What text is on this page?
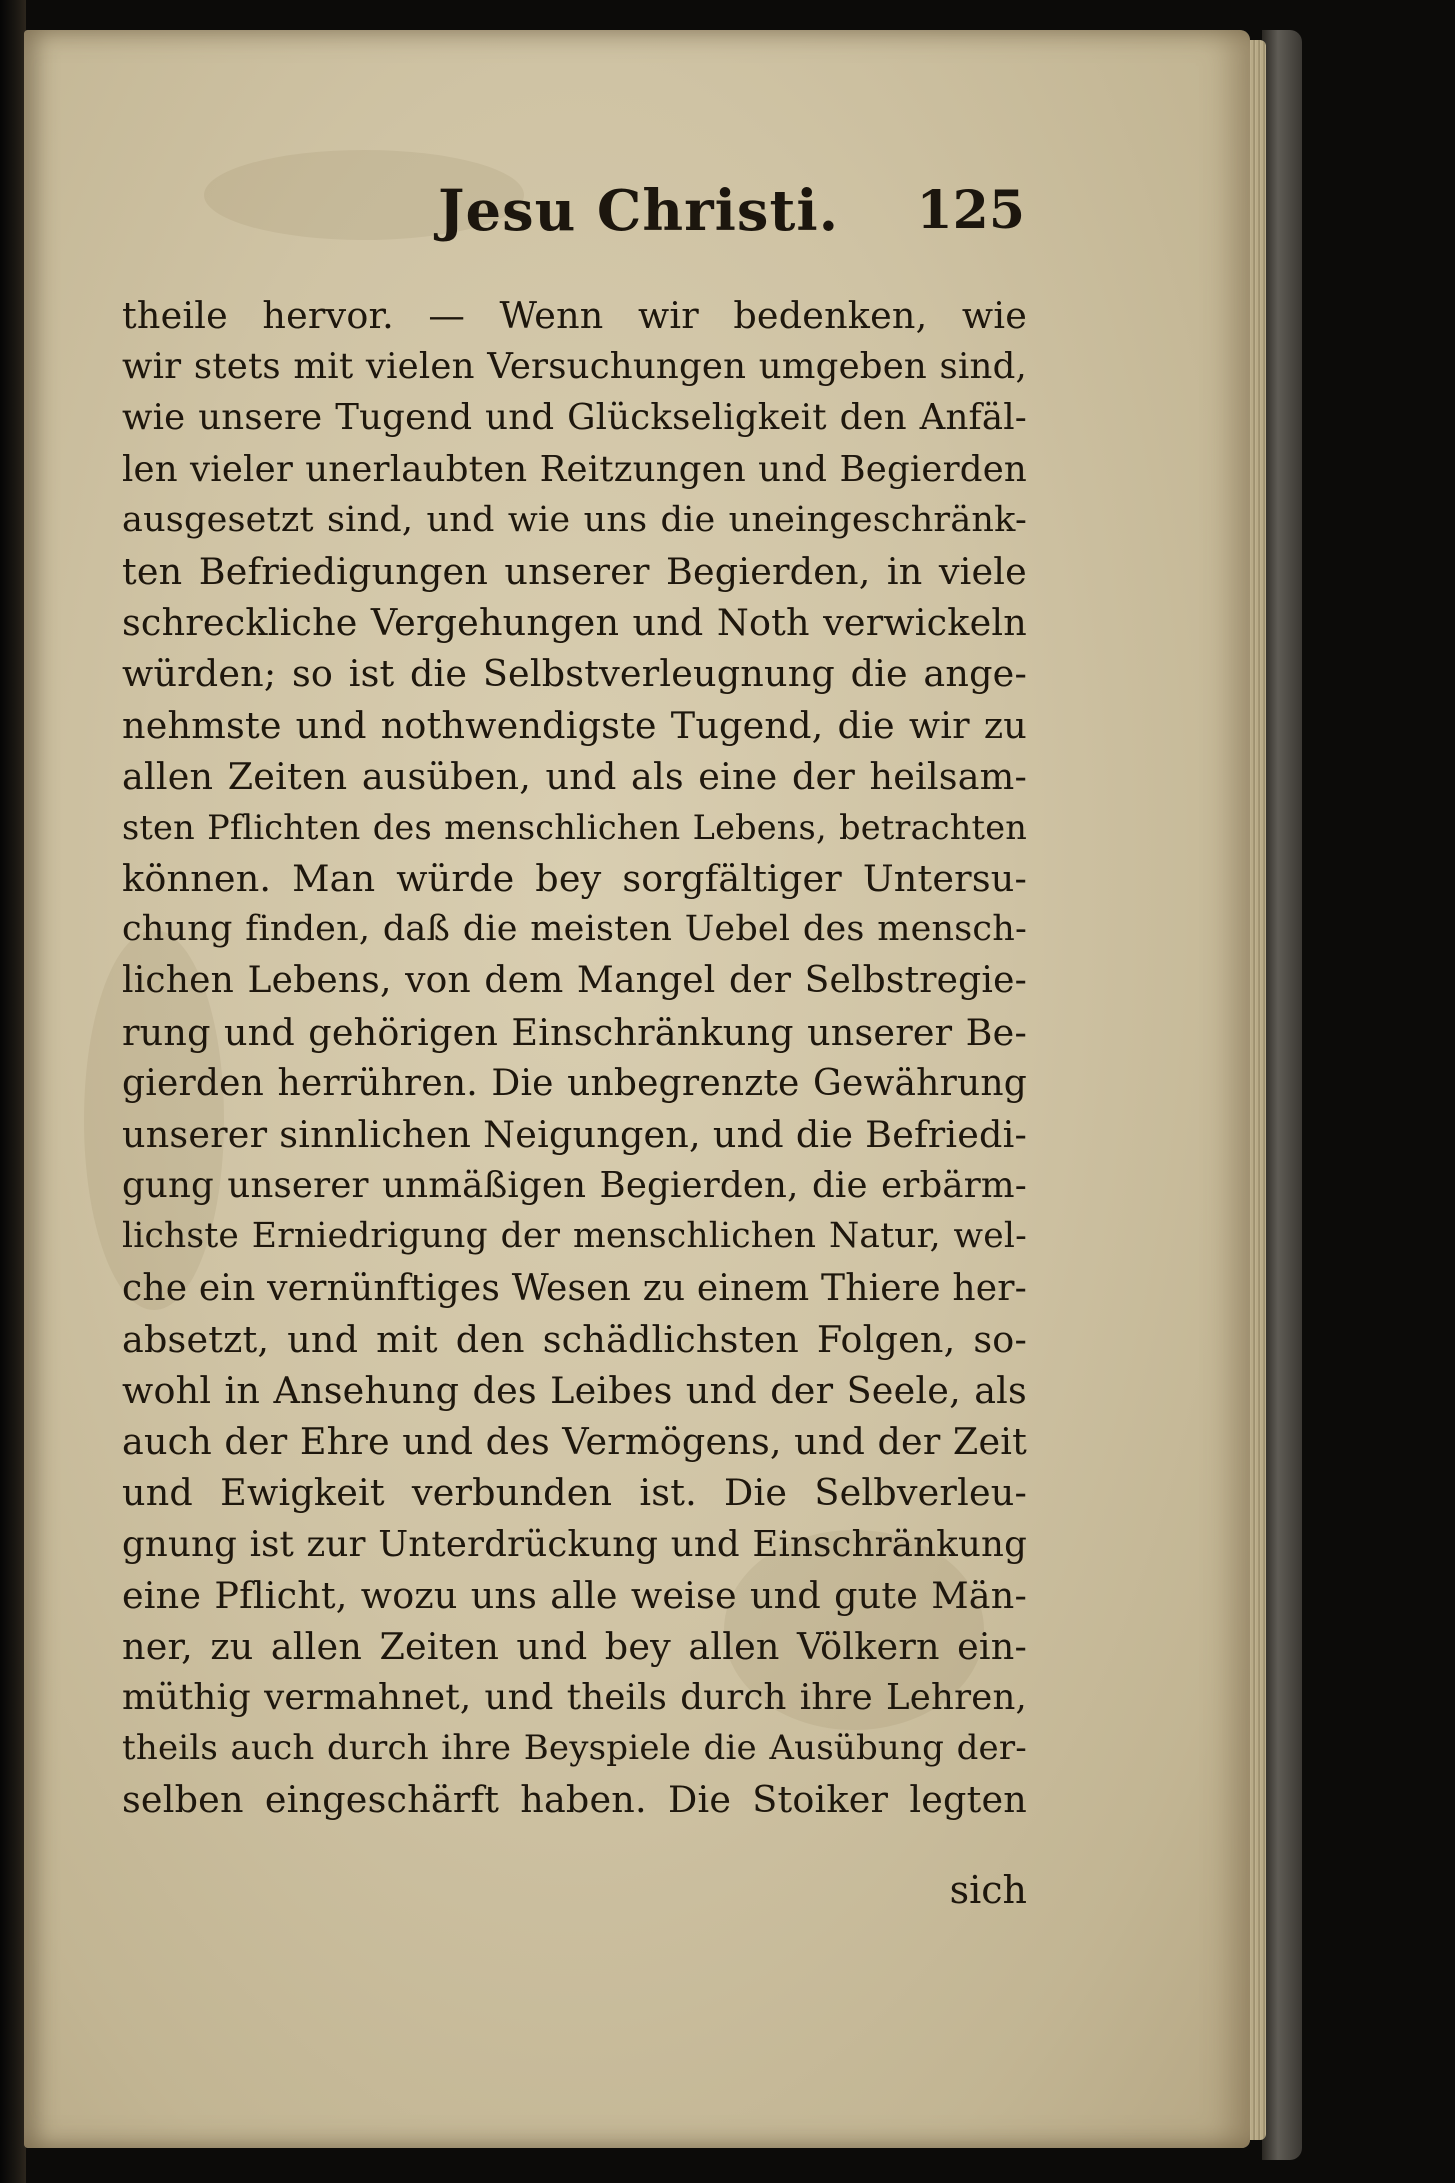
Jesu Christi. 125
theile hervor. — Wenn wir bedenken, wie
wir stets mit vielen Versuchungen umgeben sind,
wie unsere Tugend und Glückseligkeit den Anfäl-
len vieler unerlaubten Reitzungen und Begierden
ausgesetzt sind, und wie uns die uneingeschränk-
ten Befriedigungen unserer Begierden, in viele
schreckliche Vergehungen und Noth verwickeln
würden; so ist die Selbstverleugnung die ange-
nehmste und nothwendigste Tugend, die wir zu
allen Zeiten ausüben, und als eine der heilsam-
sten Pflichten des menschlichen Lebens, betrachten
können. Man würde bey sorgfältiger Untersu-
chung finden, daß die meisten Uebel des mensch-
lichen Lebens, von dem Mangel der Selbstregie-
rung und gehörigen Einschränkung unserer Be-
gierden herrühren. Die unbegrenzte Gewährung
unserer sinnlichen Neigungen, und die Befriedi-
gung unserer unmäßigen Begierden, die erbärm-
lichste Erniedrigung der menschlichen Natur, wel-
che ein vernünftiges Wesen zu einem Thiere her-
absetzt, und mit den schädlichsten Folgen, so-
wohl in Ansehung des Leibes und der Seele, als
auch der Ehre und des Vermögens, und der Zeit
und Ewigkeit verbunden ist. Die Selbverleu-
gnung ist zur Unterdrückung und Einschränkung
eine Pflicht, wozu uns alle weise und gute Män-
ner, zu allen Zeiten und bey allen Völkern ein-
müthig vermahnet, und theils durch ihre Lehren,
theils auch durch ihre Beyspiele die Ausübung der-
selben eingeschärft haben. Die Stoiker legten
sich
